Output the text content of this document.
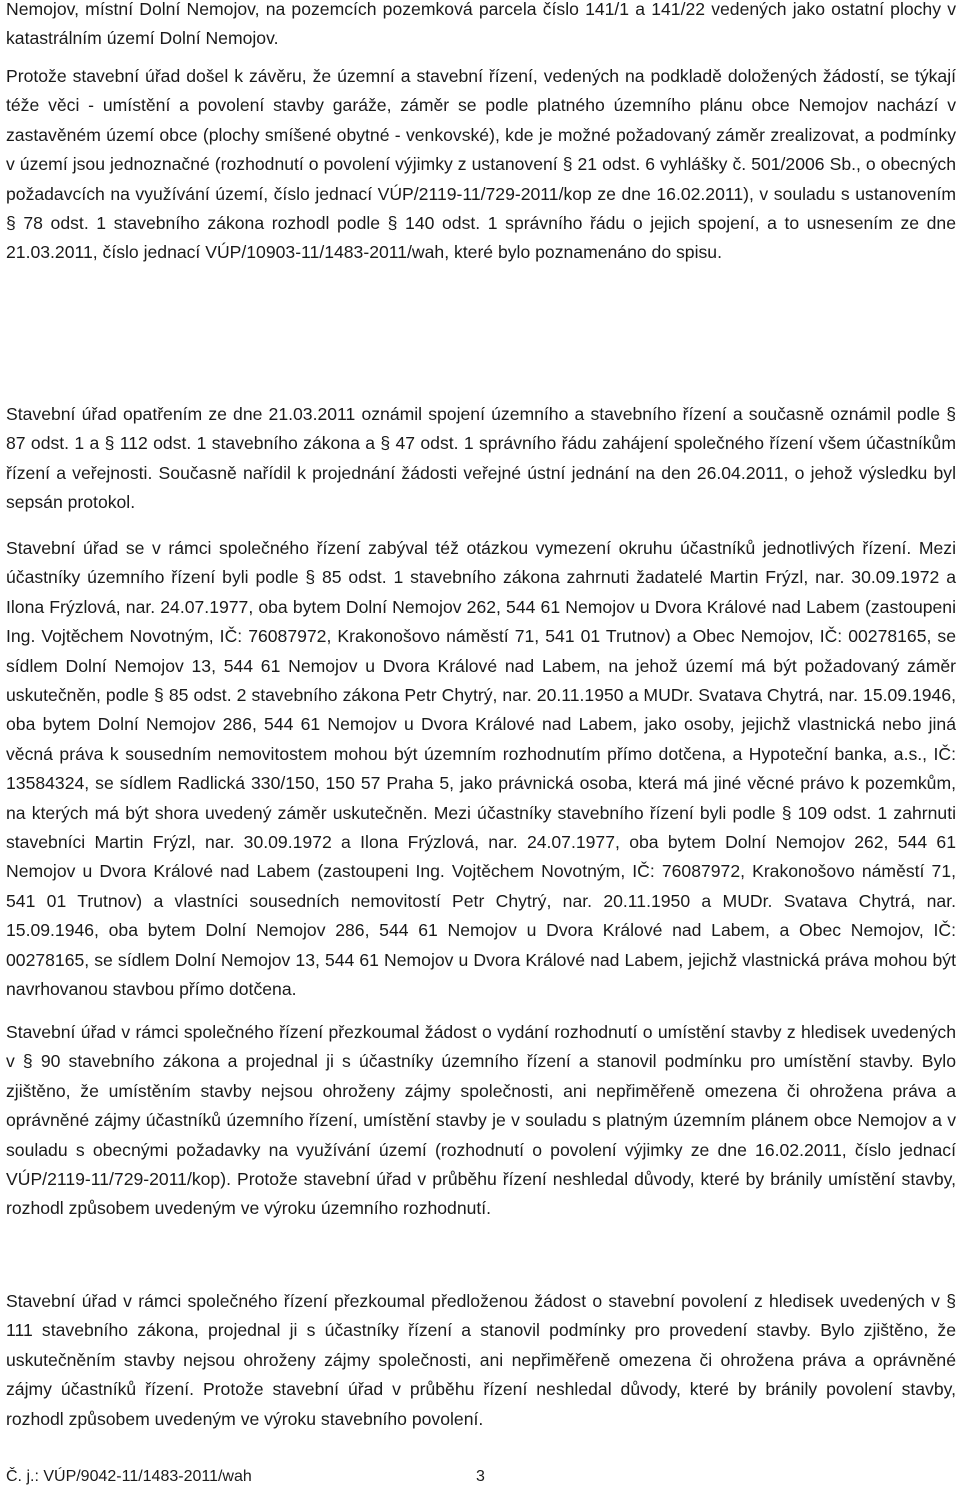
Nemojov, místní Dolní Nemojov, na pozemcích pozemková parcela číslo 141/1 a 141/22 vedených jako ostatní plochy v katastrálním území Dolní Nemojov.

Protože stavební úřad došel k závěru, že územní a stavební řízení, vedených na podkladě doložených žádostí, se týkají téže věci - umístění a povolení stavby garáže, záměr se podle platného územního plánu obce Nemojov nachází v zastavěném území obce (plochy smíšené obytné - venkovské), kde je možné požadovaný záměr zrealizovat, a podmínky v území jsou jednoznačné (rozhodnutí o povolení výjimky z ustanovení § 21 odst. 6 vyhlášky č. 501/2006 Sb., o obecných požadavcích na využívání území, číslo jednací VÚP/2119-11/729-2011/kop ze dne 16.02.2011), v souladu s ustanovením § 78 odst. 1 stavebního zákona rozhodl podle § 140 odst. 1 správního řádu o jejich spojení, a to usnesením ze dne 21.03.2011, číslo jednací VÚP/10903-11/1483-2011/wah, které bylo poznamenáno do spisu.

Stavební úřad opatřením ze dne 21.03.2011 oznámil spojení územního a stavebního řízení a současně oznámil podle § 87 odst. 1 a § 112 odst. 1 stavebního zákona a § 47 odst. 1 správního řádu zahájení společného řízení všem účastníkům řízení a veřejnosti. Současně nařídil k projednání žádosti veřejné ústní jednání na den 26.04.2011, o jehož výsledku byl sepsán protokol.

Stavební úřad se v rámci společného řízení zabýval též otázkou vymezení okruhu účastníků jednotlivých řízení. Mezi účastníky územního řízení byli podle § 85 odst. 1 stavebního zákona zahrnuti žadatelé Martin Frýzl, nar. 30.09.1972 a Ilona Frýzlová, nar. 24.07.1977, oba bytem Dolní Nemojov 262, 544 61 Nemojov u Dvora Králové nad Labem (zastoupeni Ing. Vojtěchem Novotným, IČ: 76087972, Krakonošovo náměstí 71, 541 01 Trutnov) a Obec Nemojov, IČ: 00278165, se sídlem Dolní Nemojov 13, 544 61 Nemojov u Dvora Králové nad Labem, na jehož území má být požadovaný záměr uskutečněn, podle § 85 odst. 2 stavebního zákona Petr Chytrý, nar. 20.11.1950 a MUDr. Svatava Chytrá, nar. 15.09.1946, oba bytem Dolní Nemojov 286, 544 61 Nemojov u Dvora Králové nad Labem, jako osoby, jejichž vlastnická nebo jiná věcná práva k sousedním nemovitostem mohou být územním rozhodnutím přímo dotčena, a Hypoteční banka, a.s., IČ: 13584324, se sídlem Radlická 330/150, 150 57 Praha 5, jako právnická osoba, která má jiné věcné právo k pozemkům, na kterých má být shora uvedený záměr uskutečněn. Mezi účastníky stavebního řízení byli podle § 109 odst. 1 zahrnuti stavebníci Martin Frýzl, nar. 30.09.1972 a Ilona Frýzlová, nar. 24.07.1977, oba bytem Dolní Nemojov 262, 544 61 Nemojov u Dvora Králové nad Labem (zastoupeni Ing. Vojtěchem Novotným, IČ: 76087972, Krakonošovo náměstí 71, 541 01 Trutnov) a vlastníci sousedních nemovitostí Petr Chytrý, nar. 20.11.1950 a MUDr. Svatava Chytrá, nar. 15.09.1946, oba bytem Dolní Nemojov 286, 544 61 Nemojov u Dvora Králové nad Labem, a Obec Nemojov, IČ: 00278165, se sídlem Dolní Nemojov 13, 544 61 Nemojov u Dvora Králové nad Labem, jejichž vlastnická práva mohou být navrhovanou stavbou přímo dotčena.

Stavební úřad v rámci společného řízení přezkoumal žádost o vydání rozhodnutí o umístění stavby z hledisek uvedených v § 90 stavebního zákona a projednal ji s účastníky územního řízení a stanovil podmínku pro umístění stavby. Bylo zjištěno, že umístěním stavby nejsou ohroženy zájmy společnosti, ani nepřiměřeně omezena či ohrožena práva a oprávněné zájmy účastníků územního řízení, umístění stavby je v souladu s platným územním plánem obce Nemojov a v souladu s obecnými požadavky na využívání území (rozhodnutí o povolení výjimky ze dne 16.02.2011, číslo jednací VÚP/2119-11/729-2011/kop). Protože stavební úřad v průběhu řízení neshledal důvody, které by bránily umístění stavby, rozhodl způsobem uvedeným ve výroku územního rozhodnutí.

Stavební úřad v rámci společného řízení přezkoumal předloženou žádost o stavební povolení z hledisek uvedených v § 111 stavebního zákona, projednal ji s účastníky řízení a stanovil podmínky pro provedení stavby. Bylo zjištěno, že uskutečněním stavby nejsou ohroženy zájmy společnosti, ani nepřiměřeně omezena či ohrožena práva a oprávněné zájmy účastníků řízení. Protože stavební úřad v průběhu řízení neshledal důvody, které by bránily povolení stavby, rozhodl způsobem uvedeným ve výroku stavebního povolení.

Č. j.: VÚP/9042-11/1483-2011/wah	3
